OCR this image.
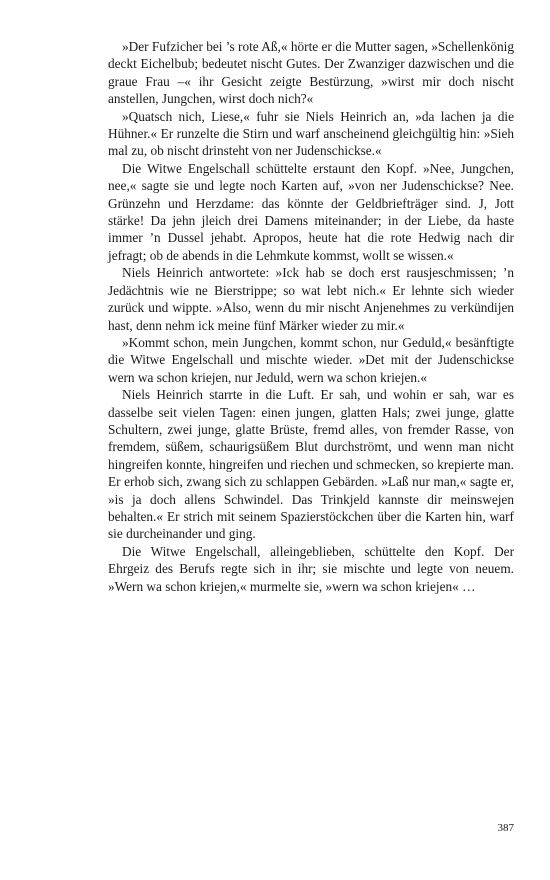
»Der Fufzicher bei ’s rote Aß,« hörte er die Mutter sagen, »Schellenkönig deckt Eichelbub; bedeutet nischt Gutes. Der Zwanziger dazwischen und die graue Frau –« ihr Gesicht zeigte Bestürzung, »wirst mir doch nischt anstellen, Jungchen, wirst doch nich?«

»Quatsch nich, Liese,« fuhr sie Niels Heinrich an, »da lachen ja die Hühner.« Er runzelte die Stirn und warf anscheinend gleichgültig hin: »Sieh mal zu, ob nischt drinsteht von ner Judenschickse.«

Die Witwe Engelschall schüttelte erstaunt den Kopf. »Nee, Jungchen, nee,« sagte sie und legte noch Karten auf, »von ner Judenschickse? Nee. Grünzehn und Herzdame: das könnte der Geldbriefträger sind. J, Jott stärke! Da jehn jleich drei Damens miteinander; in der Liebe, da haste immer ’n Dussel jehabt. Apropos, heute hat die rote Hedwig nach dir jefragt; ob de abends in die Lehmkute kommst, wollt se wissen.«

Niels Heinrich antwortete: »Ick hab se doch erst rausjeschmissen; ’n Jedächtnis wie ne Bierstrippe; so wat lebt nich.« Er lehnte sich wieder zurück und wippte. »Also, wenn du mir nischt Anjenehmes zu verkündijen hast, denn nehm ick meine fünf Märker wieder zu mir.«

»Kommt schon, mein Jungchen, kommt schon, nur Geduld,« besänftigte die Witwe Engelschall und mischte wieder. »Det mit der Judenschickse wern wa schon kriejen, nur Jeduld, wern wa schon kriejen.«

Niels Heinrich starrte in die Luft. Er sah, und wohin er sah, war es dasselbe seit vielen Tagen: einen jungen, glatten Hals; zwei junge, glatte Schultern, zwei junge, glatte Brüste, fremd alles, von fremder Rasse, von fremdem, süßem, schaurigsüßem Blut durchströmt, und wenn man nicht hingreifen konnte, hingreifen und riechen und schmecken, so krepierte man. Er erhob sich, zwang sich zu schlappen Gebärden. »Laß nur man,« sagte er, »is ja doch allens Schwindel. Das Trinkjeld kannste dir meinswejen behalten.« Er strich mit seinem Spazierstöckchen über die Karten hin, warf sie durcheinander und ging.

Die Witwe Engelschall, alleingeblieben, schüttelte den Kopf. Der Ehrgeiz des Berufs regte sich in ihr; sie mischte und legte von neuem. »Wern wa schon kriejen,« murmelte sie, »wern wa schon kriejen« …

387
